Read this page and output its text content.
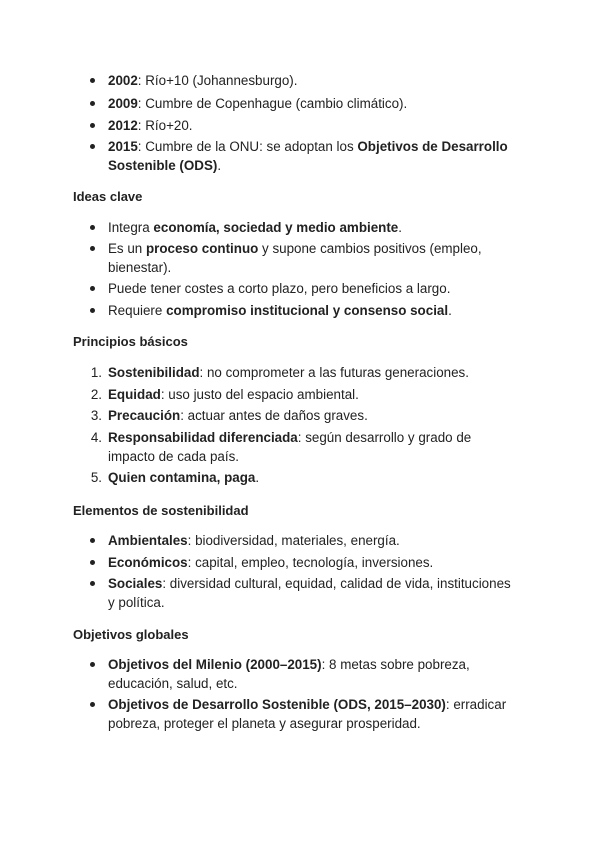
2002: Río+10 (Johannesburgo).

2009: Cumbre de Copenhague (cambio climático).

2012: Río+20.

2015: Cumbre de la ONU: se adoptan los Objetivos de Desarrollo Sostenible (ODS).

Ideas clave

Integra economía, sociedad y medio ambiente.

Es un proceso continuo y supone cambios positivos (empleo, bienestar).

Puede tener costes a corto plazo, pero beneficios a largo.

Requiere compromiso institucional y consenso social.

Principios básicos

1. Sostenibilidad: no comprometer a las futuras generaciones.

2. Equidad: uso justo del espacio ambiental.

3. Precaución: actuar antes de daños graves.

4. Responsabilidad diferenciada: según desarrollo y grado de impacto de cada país.

5. Quien contamina, paga.

Elementos de sostenibilidad

Ambientales: biodiversidad, materiales, energía.

Económicos: capital, empleo, tecnología, inversiones.

Sociales: diversidad cultural, equidad, calidad de vida, instituciones y política.

Objetivos globales

Objetivos del Milenio (2000–2015): 8 metas sobre pobreza, educación, salud, etc.

Objetivos de Desarrollo Sostenible (ODS, 2015–2030): erradicar pobreza, proteger el planeta y asegurar prosperidad.
